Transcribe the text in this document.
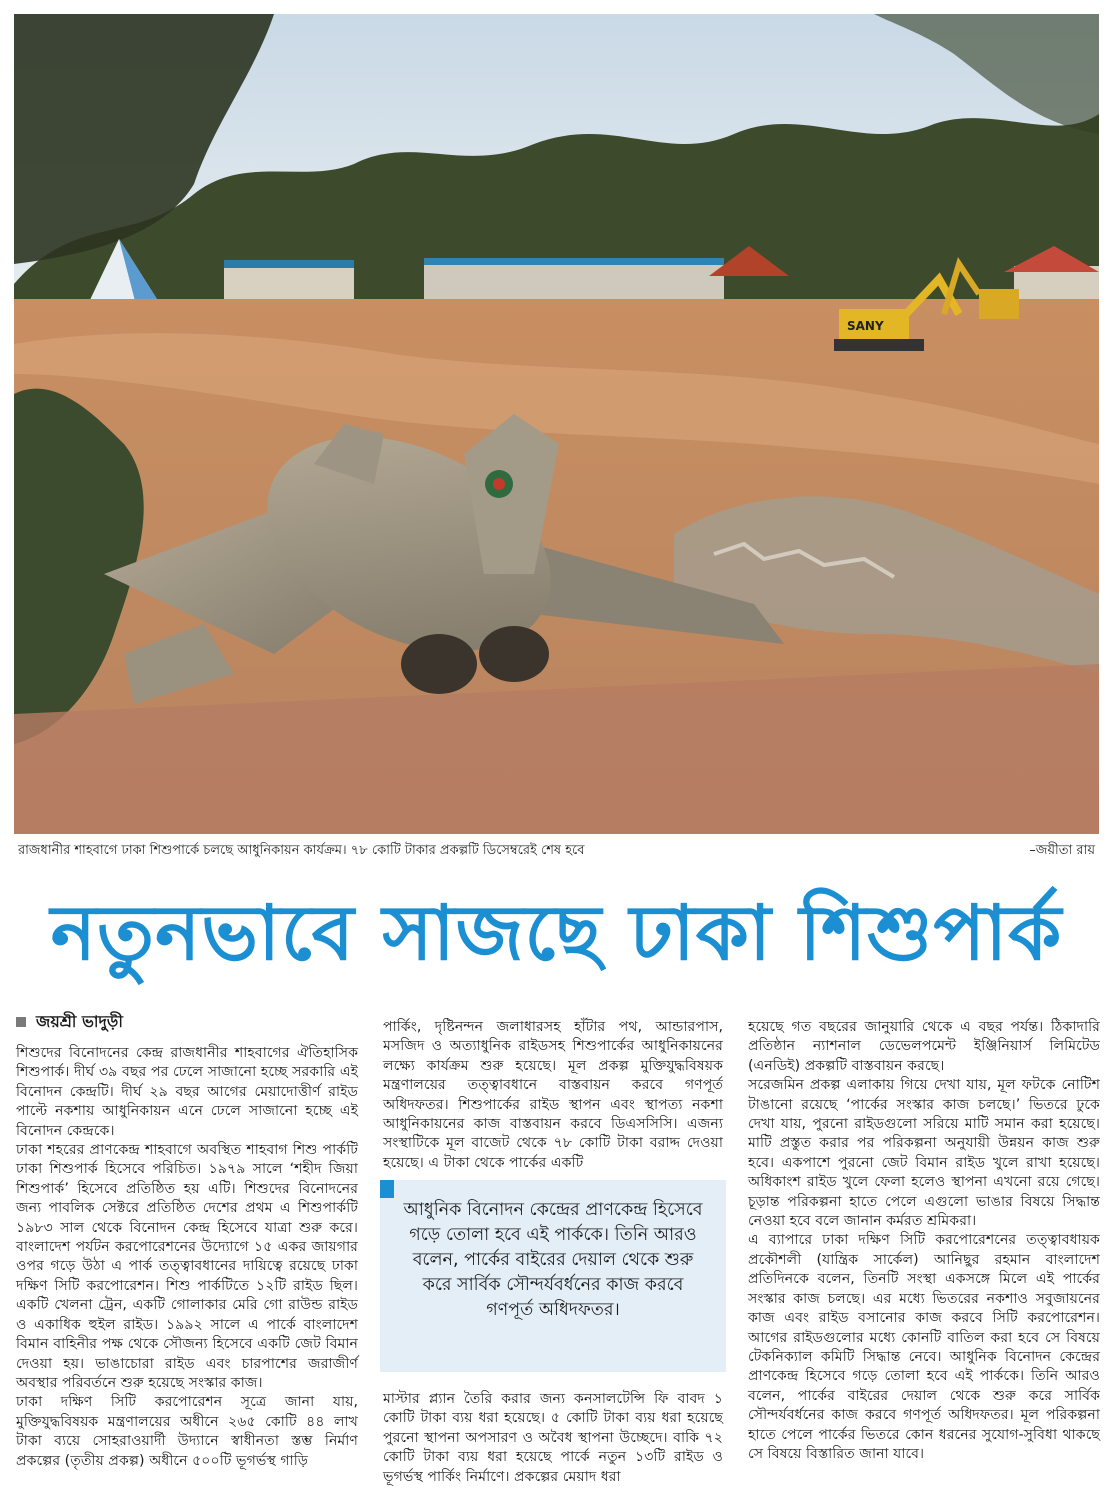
SANY
রাজধানীর শাহবাগে ঢাকা শিশুপার্কে চলছে আধুনিকায়ন কার্যক্রম। ৭৮ কোটি টাকার প্রকল্পটি ডিসেম্বরেই শেষ হবে	–জয়ীতা রায়
নতুনভাবে সাজছে ঢাকা শিশুপার্ক
জয়শ্রী ভাদুড়ী

শিশুদের বিনোদনের কেন্দ্র রাজধানীর শাহবাগের ঐতিহাসিক শিশুপার্ক। দীর্ঘ ৩৯ বছর পর ঢেলে সাজানো হচ্ছে সরকারি এই বিনোদন কেন্দ্রটি। দীর্ঘ ২৯ বছর আগের মেয়াদোত্তীর্ণ রাইড পাল্টে নকশায় আধুনিকায়ন এনে ঢেলে সাজানো হচ্ছে এই বিনোদন কেন্দ্রকে।

ঢাকা শহরের প্রাণকেন্দ্র শাহবাগে অবস্থিত শাহবাগ শিশু পার্কটি ঢাকা শিশুপার্ক হিসেবে পরিচিত। ১৯৭৯ সালে ‘শহীদ জিয়া শিশুপার্ক’ হিসেবে প্রতিষ্ঠিত হয় এটি। শিশুদের বিনোদনের জন্য পাবলিক সেক্টরে প্রতিষ্ঠিত দেশের প্রথম এ শিশুপার্কটি ১৯৮৩ সাল থেকে বিনোদন কেন্দ্র হিসেবে যাত্রা শুরু করে। বাংলাদেশ পর্যটন করপোরেশনের উদ্যোগে ১৫ একর জায়গার ওপর গড়ে উঠা এ পার্ক তত্ত্বাবধানের দায়িত্বে রয়েছে ঢাকা দক্ষিণ সিটি করপোরেশন। শিশু পার্কটিতে ১২টি রাইড ছিল। একটি খেলনা ট্রেন, একটি গোলাকার মেরি গো রাউন্ড রাইড ও একাধিক হুইল রাইড। ১৯৯২ সালে এ পার্কে বাংলাদেশ বিমান বাহিনীর পক্ষ থেকে সৌজন্য হিসেবে একটি জেট বিমান দেওয়া হয়। ভাঙাচোরা রাইড এবং চারপাশের জরাজীর্ণ অবস্থার পরিবর্তনে শুরু হয়েছে সংস্কার কাজ।

ঢাকা দক্ষিণ সিটি করপোরেশন সূত্রে জানা যায়, মুক্তিযুদ্ধবিষয়ক মন্ত্রণালয়ের অধীনে ২৬৫ কোটি ৪৪ লাখ টাকা ব্যয়ে সোহরাওয়ার্দী উদ্যানে স্বাধীনতা স্তম্ভ নির্মাণ প্রকল্পের (তৃতীয় প্রকল্প) অধীনে ৫০০টি ভূগর্ভস্থ গাড়ি

পার্কিং, দৃষ্টিনন্দন জলাধারসহ হাঁটার পথ, আন্ডারপাস, মসজিদ ও অত্যাধুনিক রাইডসহ শিশুপার্কের আধুনিকায়নের লক্ষ্যে কার্যক্রম শুরু হয়েছে। মূল প্রকল্প মুক্তিযুদ্ধবিষয়ক মন্ত্রণালয়ের তত্ত্বাবধানে বাস্তবায়ন করবে গণপূর্ত অধিদফতর। শিশুপার্কের রাইড স্থাপন এবং স্থাপত্য নকশা আধুনিকায়নের কাজ বাস্তবায়ন করবে ডিএসসিসি। এজন্য সংস্থাটিকে মূল বাজেট থেকে ৭৮ কোটি টাকা বরাদ্দ দেওয়া হয়েছে। এ টাকা থেকে পার্কের একটি

আধুনিক বিনোদন কেন্দ্রের প্রাণকেন্দ্র হিসেবে গড়ে তোলা হবে এই পার্ককে। তিনি আরও বলেন, পার্কের বাইরের দেয়াল থেকে শুরু করে সার্বিক সৌন্দর্যবর্ধনের কাজ করবে গণপূর্ত অধিদফতর।

মাস্টার প্ল্যান তৈরি করার জন্য কনসালটেন্সি ফি বাবদ ১ কোটি টাকা ব্যয় ধরা হয়েছে। ৫ কোটি টাকা ব্যয় ধরা হয়েছে পুরনো স্থাপনা অপসারণ ও অবৈধ স্থাপনা উচ্ছেদে। বাকি ৭২ কোটি টাকা ব্যয় ধরা হয়েছে পার্কে নতুন ১৩টি রাইড ও ভূগর্ভস্থ পার্কিং নির্মাণে। প্রকল্পের মেয়াদ ধরা

হয়েছে গত বছরের জানুয়ারি থেকে এ বছর পর্যন্ত। ঠিকাদারি প্রতিষ্ঠান ন্যাশনাল ডেভেলপমেন্ট ইঞ্জিনিয়ার্স লিমিটেড (এনডিই) প্রকল্পটি বাস্তবায়ন করছে।

সরেজমিন প্রকল্প এলাকায় গিয়ে দেখা যায়, মূল ফটকে নোটিশ টাঙানো রয়েছে ‘পার্কের সংস্কার কাজ চলছে।’ ভিতরে ঢুকে দেখা যায়, পুরনো রাইডগুলো সরিয়ে মাটি সমান করা হয়েছে। মাটি প্রস্তুত করার পর পরিকল্পনা অনুযায়ী উন্নয়ন কাজ শুরু হবে। একপাশে পুরনো জেট বিমান রাইড খুলে রাখা হয়েছে। অধিকাংশ রাইড খুলে ফেলা হলেও স্থাপনা এখনো রয়ে গেছে। চূড়ান্ত পরিকল্পনা হাতে পেলে এগুলো ভাঙার বিষয়ে সিদ্ধান্ত নেওয়া হবে বলে জানান কর্মরত শ্রমিকরা।

এ ব্যাপারে ঢাকা দক্ষিণ সিটি করপোরেশনের তত্ত্বাবধায়ক প্রকৌশলী (যান্ত্রিক সার্কেল) আনিছুর রহমান বাংলাদেশ প্রতিদিনকে বলেন, তিনটি সংস্থা একসঙ্গে মিলে এই পার্কের সংস্কার কাজ চলছে। এর মধ্যে ভিতরের নকশাও সবুজায়নের কাজ এবং রাইড বসানোর কাজ করবে সিটি করপোরেশন। আগের রাইডগুলোর মধ্যে কোনটি বাতিল করা হবে সে বিষয়ে টেকনিক্যাল কমিটি সিদ্ধান্ত নেবে। আধুনিক বিনোদন কেন্দ্রের প্রাণকেন্দ্র হিসেবে গড়ে তোলা হবে এই পার্ককে। তিনি আরও বলেন, পার্কের বাইরের দেয়াল থেকে শুরু করে সার্বিক সৌন্দর্যবর্ধনের কাজ করবে গণপূর্ত অধিদফতর। মূল পরিকল্পনা হাতে পেলে পার্কের ভিতরে কোন ধরনের সুযোগ-সুবিধা থাকছে সে বিষয়ে বিস্তারিত জানা যাবে।
